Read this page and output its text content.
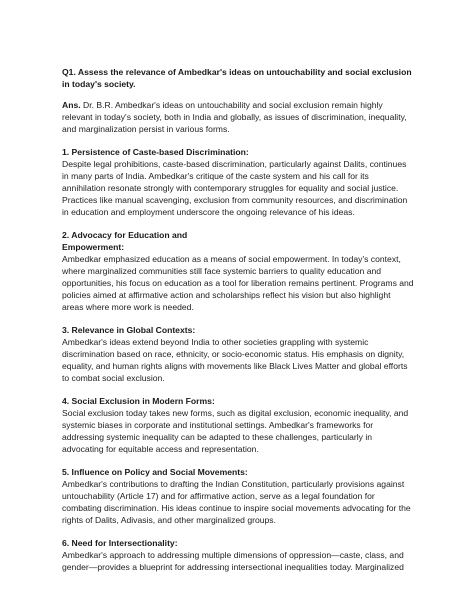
Q1. Assess the relevance of Ambedkar's ideas on untouchability and social exclusion in today's society.

Ans. Dr. B.R. Ambedkar's ideas on untouchability and social exclusion remain highly relevant in today's society, both in India and globally, as issues of discrimination, inequality, and marginalization persist in various forms.

1. Persistence of Caste-based Discrimination:

Despite legal prohibitions, caste-based discrimination, particularly against Dalits, continues in many parts of India. Ambedkar's critique of the caste system and his call for its annihilation resonate strongly with contemporary struggles for equality and social justice. Practices like manual scavenging, exclusion from community resources, and discrimination in education and employment underscore the ongoing relevance of his ideas.

2. Advocacy for Education and Empowerment:

Ambedkar emphasized education as a means of social empowerment. In today's context, where marginalized communities still face systemic barriers to quality education and opportunities, his focus on education as a tool for liberation remains pertinent. Programs and policies aimed at affirmative action and scholarships reflect his vision but also highlight areas where more work is needed.

3. Relevance in Global Contexts:

Ambedkar's ideas extend beyond India to other societies grappling with systemic discrimination based on race, ethnicity, or socio-economic status. His emphasis on dignity, equality, and human rights aligns with movements like Black Lives Matter and global efforts to combat social exclusion.

4. Social Exclusion in Modern Forms:

Social exclusion today takes new forms, such as digital exclusion, economic inequality, and systemic biases in corporate and institutional settings. Ambedkar's frameworks for addressing systemic inequality can be adapted to these challenges, particularly in advocating for equitable access and representation.

5. Influence on Policy and Social Movements:

Ambedkar's contributions to drafting the Indian Constitution, particularly provisions against untouchability (Article 17) and for affirmative action, serve as a legal foundation for combating discrimination. His ideas continue to inspire social movements advocating for the rights of Dalits, Adivasis, and other marginalized groups.

6. Need for Intersectionality:

Ambedkar's approach to addressing multiple dimensions of oppression—caste, class, and gender—provides a blueprint for addressing intersectional inequalities today. Marginalized
